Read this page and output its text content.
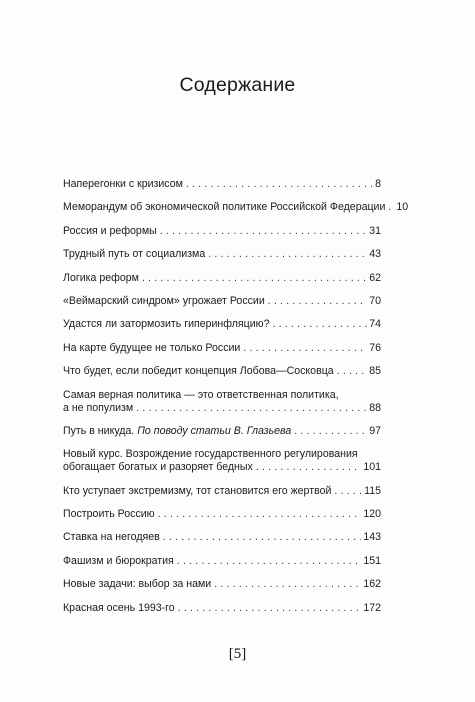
Содержание
Наперегонки с кризисом .....	8
Меморандум об экономической политике Российской Федерации ..... 10
Россия и реформы .....	31
Трудный путь от социализма .....	43
Логика реформ .....	62
«Веймарский синдром» угрожает России .....	70
Удастся ли затормозить гиперинфляцию? .....	74
На карте будущее не только России .....	76
Что будет, если победит концепция Лобова—Сосковца .....	85
Самая верная политика — это ответственная политика,
а не популизм .....	88
Путь в никуда. По поводу статьи В. Глазьева .....	97
Новый курс. Возрождение государственного регулирования
обогащает богатых и разоряет бедных .....	101
Кто уступает экстремизму, тот становится его жертвой .....	115
Построить Россию .....	120
Ставка на негодяев .....	143
Фашизм и бюрократия .....	151
Новые задачи: выбор за нами .....	162
Красная осень 1993-го .....	172
[5]
